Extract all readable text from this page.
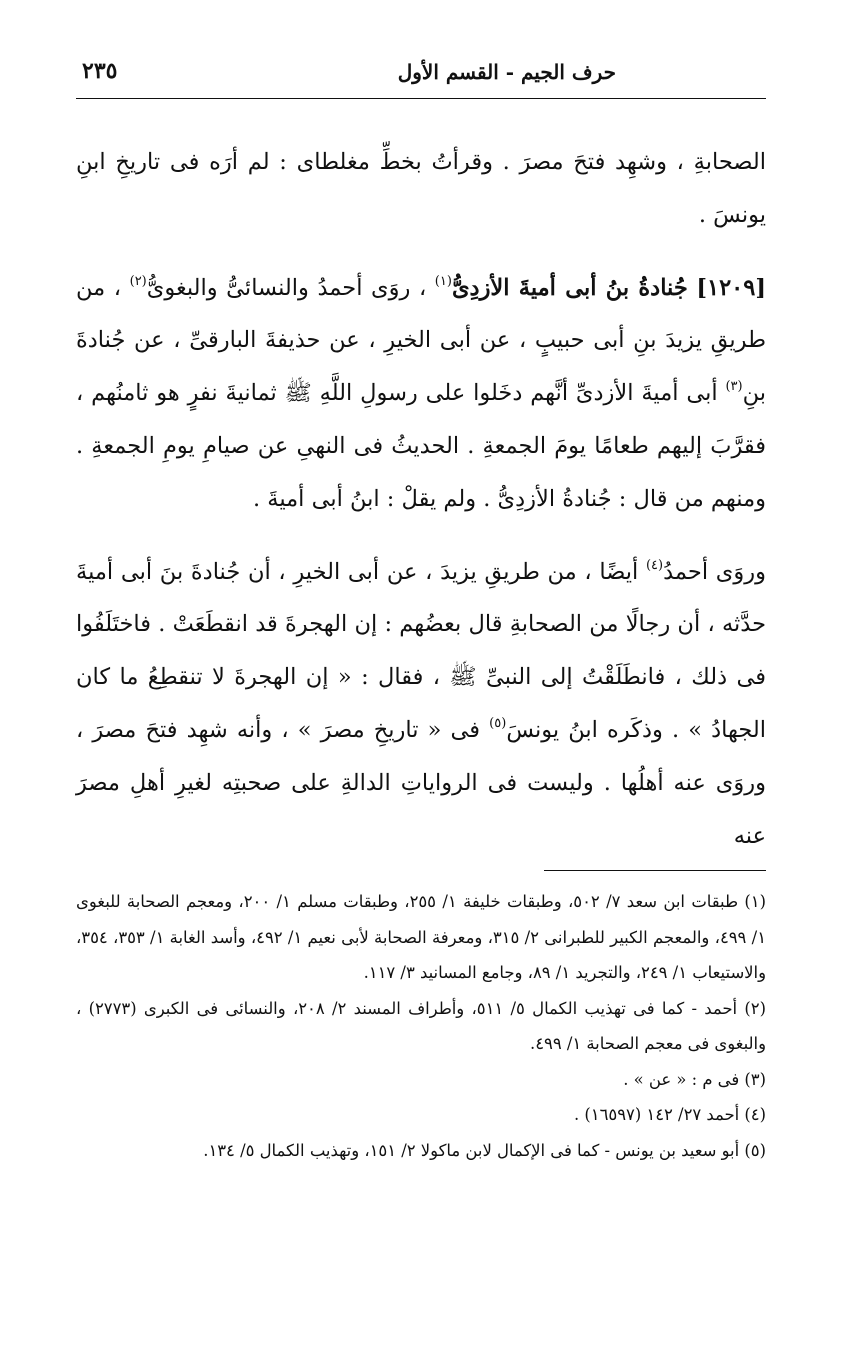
حرف الجيم - القسم الأول
٢٣٥

الصحابةِ ، وشهِد فتحَ مصرَ . وقرأتُ بخطِّ مغلطاى : لم أرَه فى تاريخِ ابنِ يونسَ .

[١٢٠٩] جُنادةُ بنُ أبى أميةَ الأزدِىُّ$^{(١)}$ ، روَى أحمدُ والنسائىُّ والبغوىُّ$^{(٢)}$ ، من طريقِ يزيدَ بنِ أبى حبيبٍ ، عن أبى الخيرِ ، عن حذيفةَ البارقىِّ ، عن جُنادةَ بنِ$^{(٣)}$ أبى أميةَ الأزدىِّ أنَّهم دخَلوا على رسولِ اللَّهِ ﷺ ثمانيةَ نفرٍ هو ثامنُهم ، فقرَّبَ إليهم طعامًا يومَ الجمعةِ . الحديثُ فى النهىِ عن صيامِ يومِ الجمعةِ . ومنهم من قال : جُنادةُ الأزدِىُّ . ولم يقلْ : ابنُ أبى أميةَ .

وروَى أحمدُ$^{(٤)}$ أيضًا ، من طريقِ يزيدَ ، عن أبى الخيرِ ، أن جُنادةَ بنَ أبى أميةَ حدَّثه ، أن رجالًا من الصحابةِ قال بعضُهم : إن الهجرةَ قد انقطَعَتْ . فاختَلَفُوا فى ذلك ، فانطَلَقْتُ إلى النبىِّ ﷺ ، فقال : « إن الهجرةَ لا تنقطِعُ ما كان الجهادُ » . وذكَره ابنُ يونسَ$^{(٥)}$ فى « تاريخِ مصرَ » ، وأنه شهِد فتحَ مصرَ ، وروَى عنه أهلُها . وليست فى الرواياتِ الدالةِ على صحبتِه لغيرِ أهلِ مصرَ عنه

(١) طبقات ابن سعد ٧/ ٥٠٢، وطبقات خليفة ١/ ٢٥٥، وطبقات مسلم ١/ ٢٠٠، ومعجم الصحابة للبغوى ١/ ٤٩٩، والمعجم الكبير للطبرانى ٢/ ٣١٥، ومعرفة الصحابة لأبى نعيم ١/ ٤٩٢، وأسد الغابة ١/ ٣٥٣، ٣٥٤، والاستيعاب ١/ ٢٤٩، والتجريد ١/ ٨٩، وجامع المسانيد ٣/ ١١٧.

(٢) أحمد - كما فى تهذيب الكمال ٥/ ٥١١، وأطراف المسند ٢/ ٢٠٨، والنسائى فى الكبرى (٢٧٧٣) ، والبغوى فى معجم الصحابة ١/ ٤٩٩.

(٣) فى م : « عن » .

(٤) أحمد ٢٧/ ١٤٢ (١٦٥٩٧) .

(٥) أبو سعيد بن يونس - كما فى الإكمال لابن ماكولا ٢/ ١٥١، وتهذيب الكمال ٥/ ١٣٤.
